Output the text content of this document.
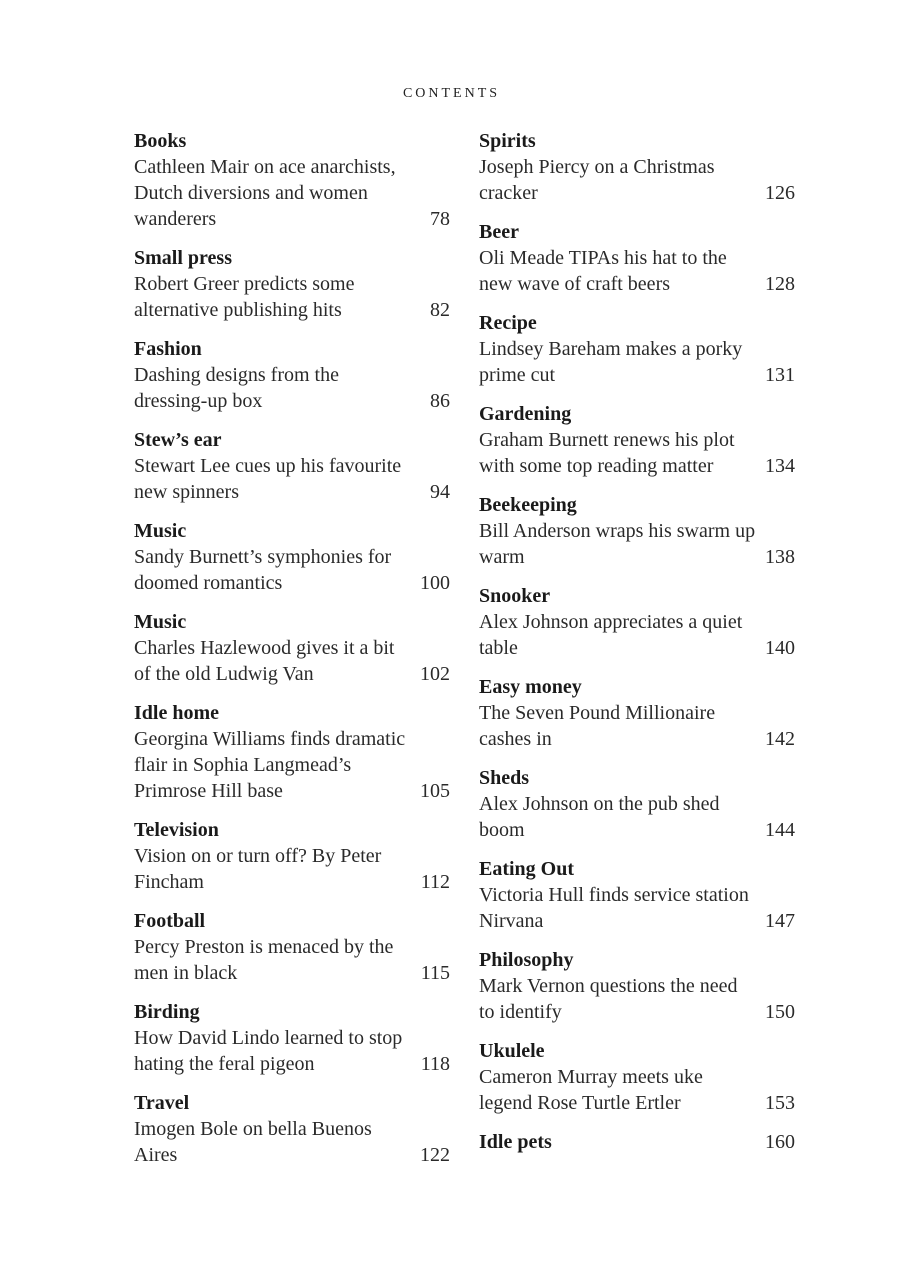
CONTENTS
Books
Cathleen Mair on ace anarchists, Dutch diversions and women wanderers	78
Small press
Robert Greer predicts some alternative publishing hits	82
Fashion
Dashing designs from the dressing-up box	86
Stew’s ear
Stewart Lee cues up his favourite new spinners	94
Music
Sandy Burnett’s symphonies for doomed romantics	100
Music
Charles Hazlewood gives it a bit of the old Ludwig Van	102
Idle home
Georgina Williams finds dramatic flair in Sophia Langmead’s Primrose Hill base	105
Television
Vision on or turn off? By Peter Fincham	112
Football
Percy Preston is menaced by the men in black	115
Birding
How David Lindo learned to stop hating the feral pigeon	118
Travel
Imogen Bole on bella Buenos Aires	122
Spirits
Joseph Piercy on a Christmas cracker	126
Beer
Oli Meade TIPAs his hat to the new wave of craft beers	128
Recipe
Lindsey Bareham makes a porky prime cut	131
Gardening
Graham Burnett renews his plot with some top reading matter	134
Beekeeping
Bill Anderson wraps his swarm up warm	138
Snooker
Alex Johnson appreciates a quiet table	140
Easy money
The Seven Pound Millionaire cashes in	142
Sheds
Alex Johnson on the pub shed boom	144
Eating Out
Victoria Hull finds service station Nirvana	147
Philosophy
Mark Vernon questions the need to identify	150
Ukulele
Cameron Murray meets uke legend Rose Turtle Ertler	153
Idle pets	160
